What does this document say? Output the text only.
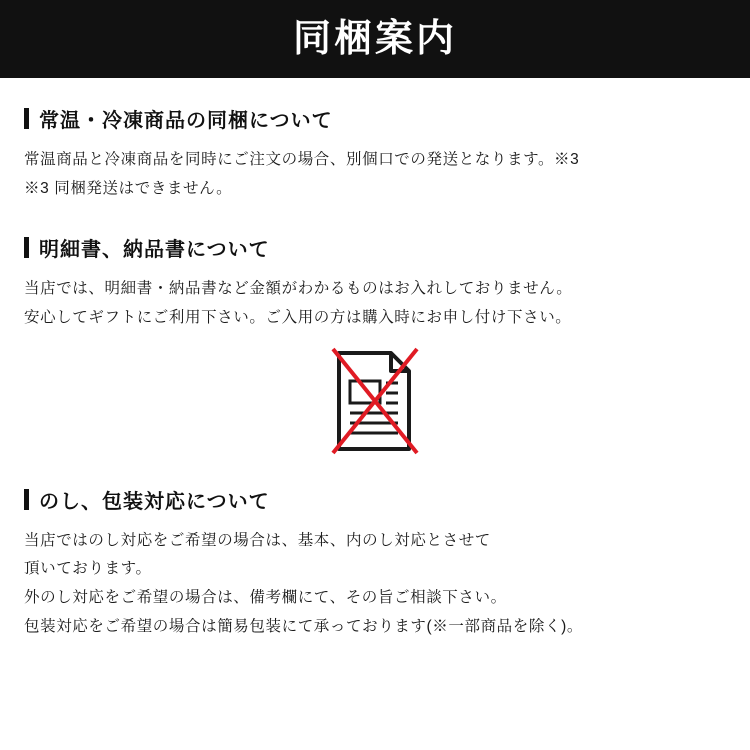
同梱案内
常温・冷凍商品の同梱について
常温商品と冷凍商品を同時にご注文の場合、別個口での発送となります。※3
※3 同梱発送はできません。
明細書、納品書について
当店では、明細書・納品書など金額がわかるものはお入れしておりません。
安心してギフトにご利用下さい。ご入用の方は購入時にお申し付け下さい。
のし、包装対応について
当店ではのし対応をご希望の場合は、基本、内のし対応とさせて
頂いております。
外のし対応をご希望の場合は、備考欄にて、その旨ご相談下さい。
包装対応をご希望の場合は簡易包装にて承っております(※一部商品を除く)。
